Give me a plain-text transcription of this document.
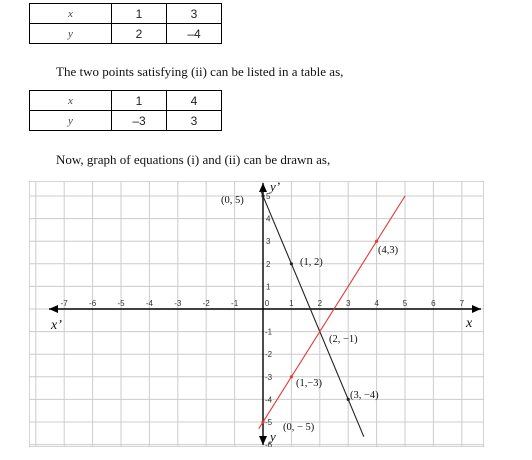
x	1	3
y	2	–4
The two points satisfying (ii) can be listed in a table as,
x	1	4
y	–3	3
Now, graph of equations (i) and (ii) can be drawn as,
-7	-6	-5	-4	-3	-2	-1	0 1	2	3	4	5	6	7
1
2
3
4
5
-1
-2
-3
-4
-5
-6
x
x’
y’
y
(0, 5)
(1, 2)
(4,3)
(2, −1)
(1,−3)
(3, −4)
(0, − 5)
